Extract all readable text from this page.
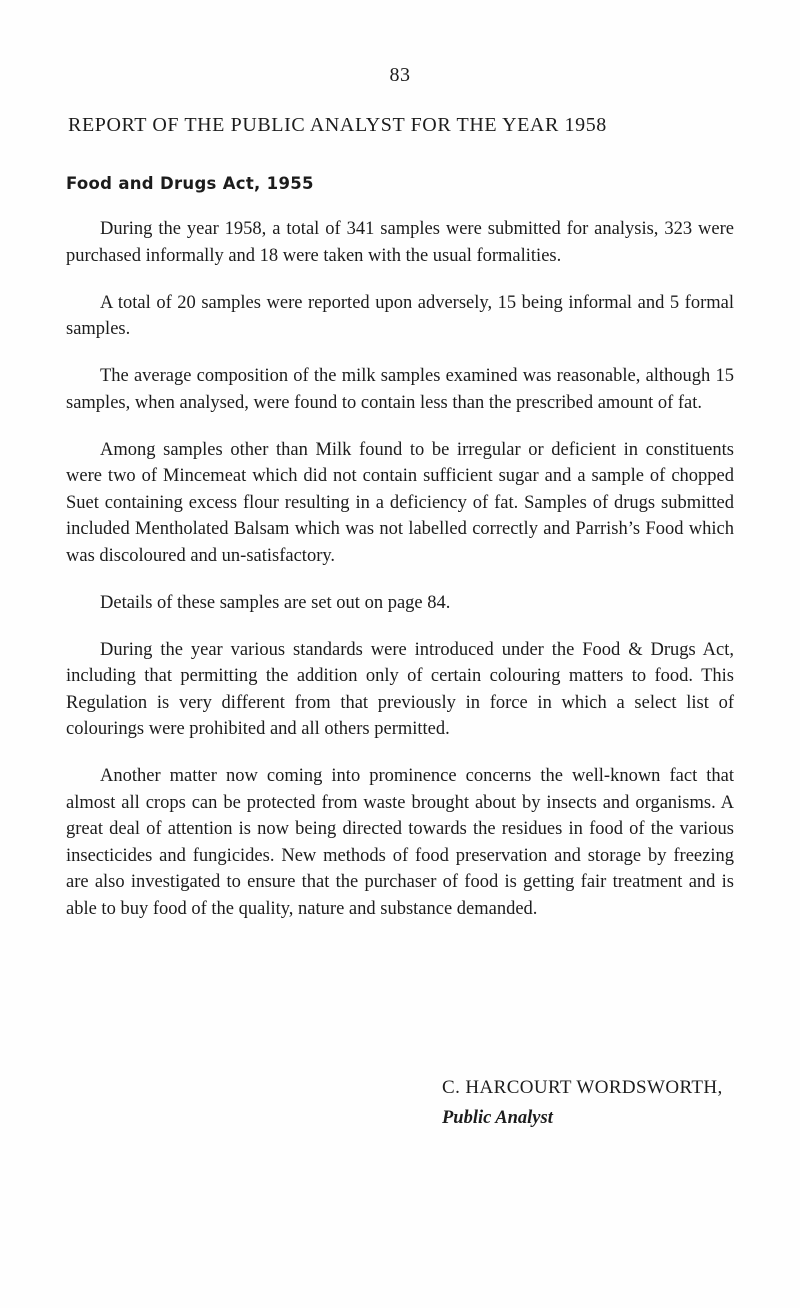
83
REPORT OF THE PUBLIC ANALYST FOR THE YEAR 1958
Food and Drugs Act, 1955

During the year 1958, a total of 341 samples were submitted for analysis, 323 were purchased informally and 18 were taken with the usual formalities.

A total of 20 samples were reported upon adversely, 15 being informal and 5 formal samples.

The average composition of the milk samples examined was reasonable, although 15 samples, when analysed, were found to contain less than the prescribed amount of fat.

Among samples other than Milk found to be irregular or deficient in constituents were two of Mincemeat which did not contain sufficient sugar and a sample of chopped Suet containing excess flour resulting in a deficiency of fat. Samples of drugs submitted included Mentholated Balsam which was not labelled correctly and Parrish’s Food which was discoloured and un-satisfactory.

Details of these samples are set out on page 84.

During the year various standards were introduced under the Food & Drugs Act, including that permitting the addition only of certain colouring matters to food. This Regulation is very different from that previously in force in which a select list of colourings were prohibited and all others permitted.

Another matter now coming into prominence concerns the well-known fact that almost all crops can be protected from waste brought about by insects and organisms. A great deal of attention is now being directed towards the residues in food of the various insecticides and fungicides. New methods of food preservation and storage by freezing are also investigated to ensure that the purchaser of food is getting fair treatment and is able to buy food of the quality, nature and substance demanded.

C. HARCOURT WORDSWORTH,

Public Analyst
